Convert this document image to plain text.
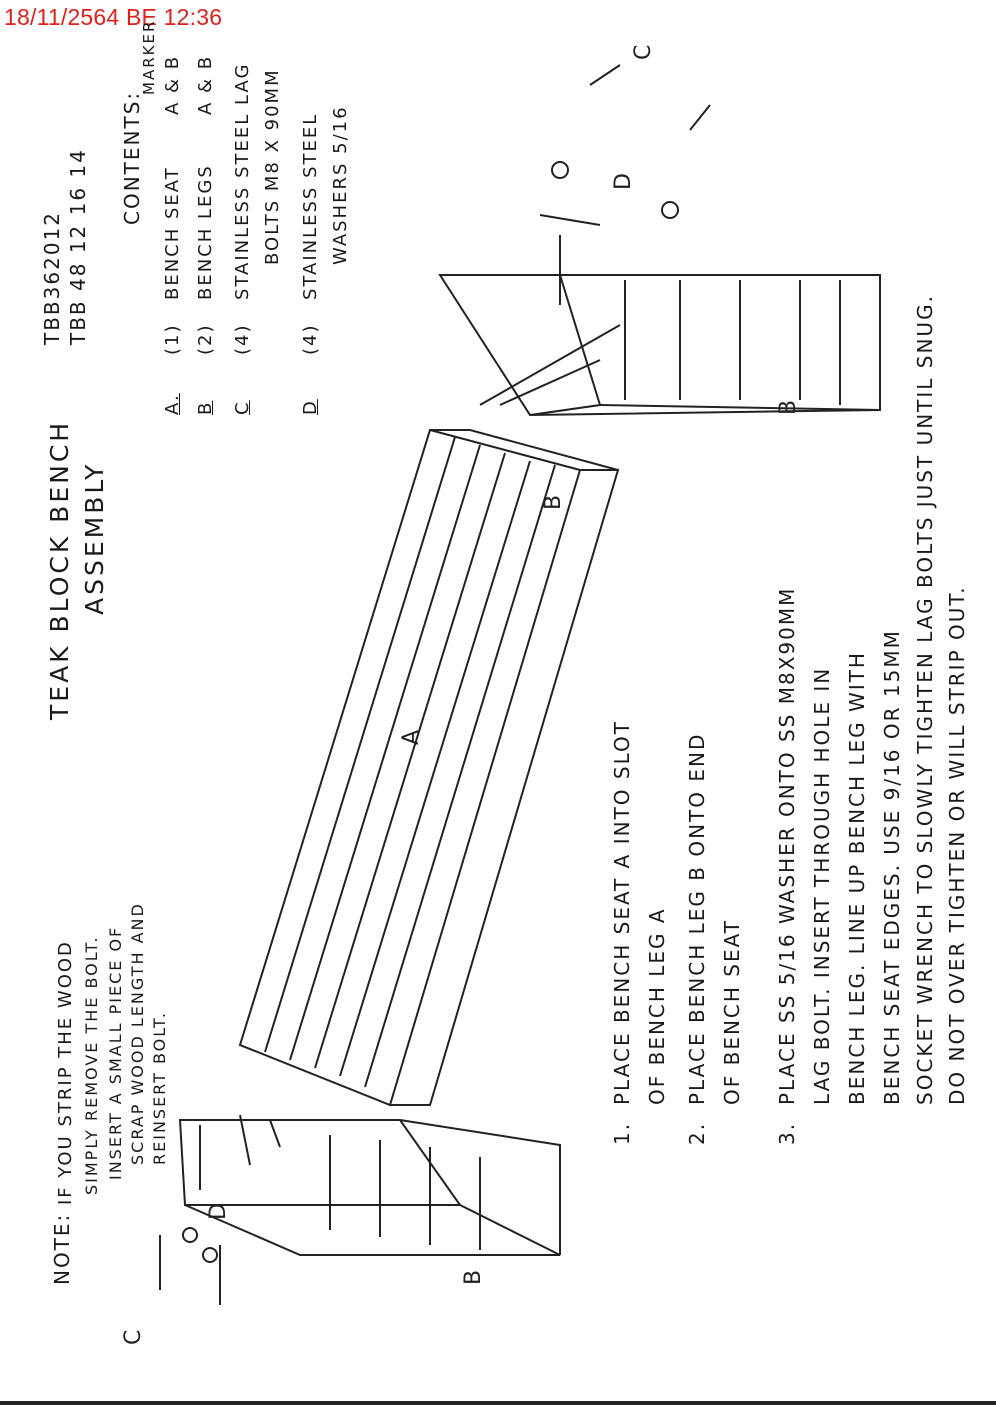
18/11/2564 BE 12:36
TEAK BLOCK BENCH ASSEMBLY
TBB362012 TBB 48 12 16 14 CONTENTS:
MARKER
A.
(1)
BENCH SEAT
A & B
B
(2)
BENCH LEGS
A & B
C
(4)
STAINLESS STEEL LAG BOLTS M8 X 90MM
D
(4)
STAINLESS STEEL WASHERS 5/16
NOTE:
IF YOU STRIP THE WOOD SIMPLY REMOVE THE BOLT. INSERT A SMALL PIECE OF SCRAP WOOD LENGTH AND REINSERT BOLT.	1.
PLACE BENCH SEAT A INTO SLOT OF BENCH LEG A
2.
PLACE BENCH LEG B ONTO END OF BENCH SEAT
3.
PLACE SS 5/16 WASHER ONTO SS M8X90MM LAG BOLT. INSERT THROUGH HOLE IN BENCH LEG. LINE UP BENCH LEG WITH BENCH SEAT EDGES. USE 9/16 OR 15MM SOCKET WRENCH TO SLOWLY TIGHTEN LAG BOLTS JUST UNTIL SNUG. DO NOT OVER TIGHTEN OR WILL STRIP OUT.
A
B
B
B
C
C
D
D
